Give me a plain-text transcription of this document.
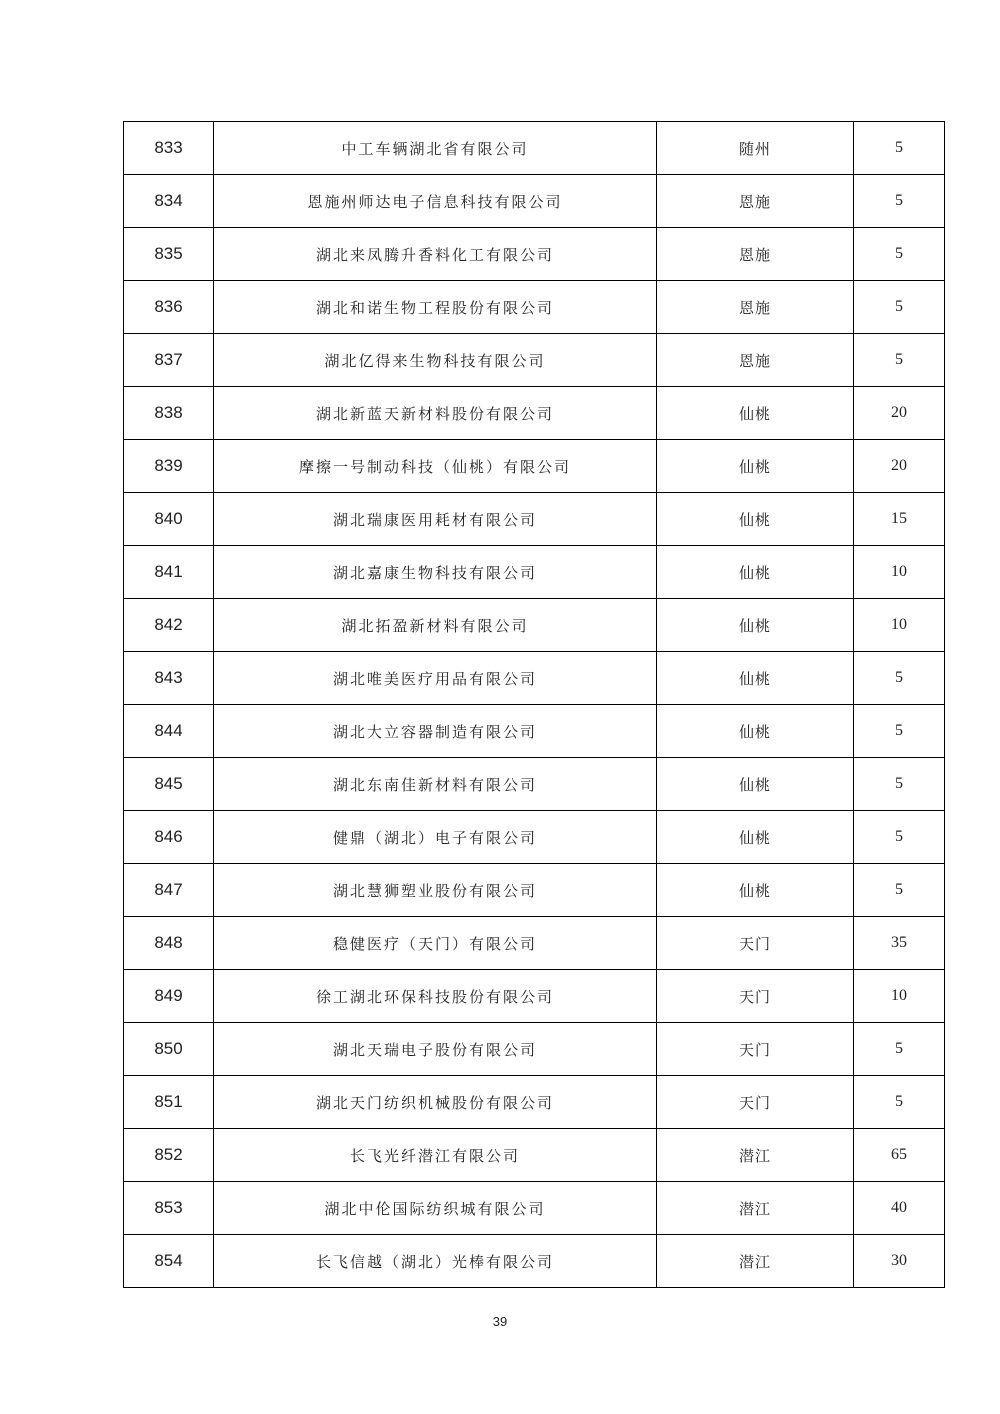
833	中工车辆湖北省有限公司	随州	5
834	恩施州师达电子信息科技有限公司	恩施	5
835	湖北来凤腾升香料化工有限公司	恩施	5
836	湖北和诺生物工程股份有限公司	恩施	5
837	湖北亿得来生物科技有限公司	恩施	5
838	湖北新蓝天新材料股份有限公司	仙桃	20
839	摩擦一号制动科技（仙桃）有限公司	仙桃	20
840	湖北瑞康医用耗材有限公司	仙桃	15
841	湖北嘉康生物科技有限公司	仙桃	10
842	湖北拓盈新材料有限公司	仙桃	10
843	湖北唯美医疗用品有限公司	仙桃	5
844	湖北大立容器制造有限公司	仙桃	5
845	湖北东南佳新材料有限公司	仙桃	5
846	健鼎（湖北）电子有限公司	仙桃	5
847	湖北慧狮塑业股份有限公司	仙桃	5
848	稳健医疗（天门）有限公司	天门	35
849	徐工湖北环保科技股份有限公司	天门	10
850	湖北天瑞电子股份有限公司	天门	5
851	湖北天门纺织机械股份有限公司	天门	5
852	长飞光纤潜江有限公司	潜江	65
853	湖北中伦国际纺织城有限公司	潜江	40
854	长飞信越（湖北）光棒有限公司	潜江	30
39
